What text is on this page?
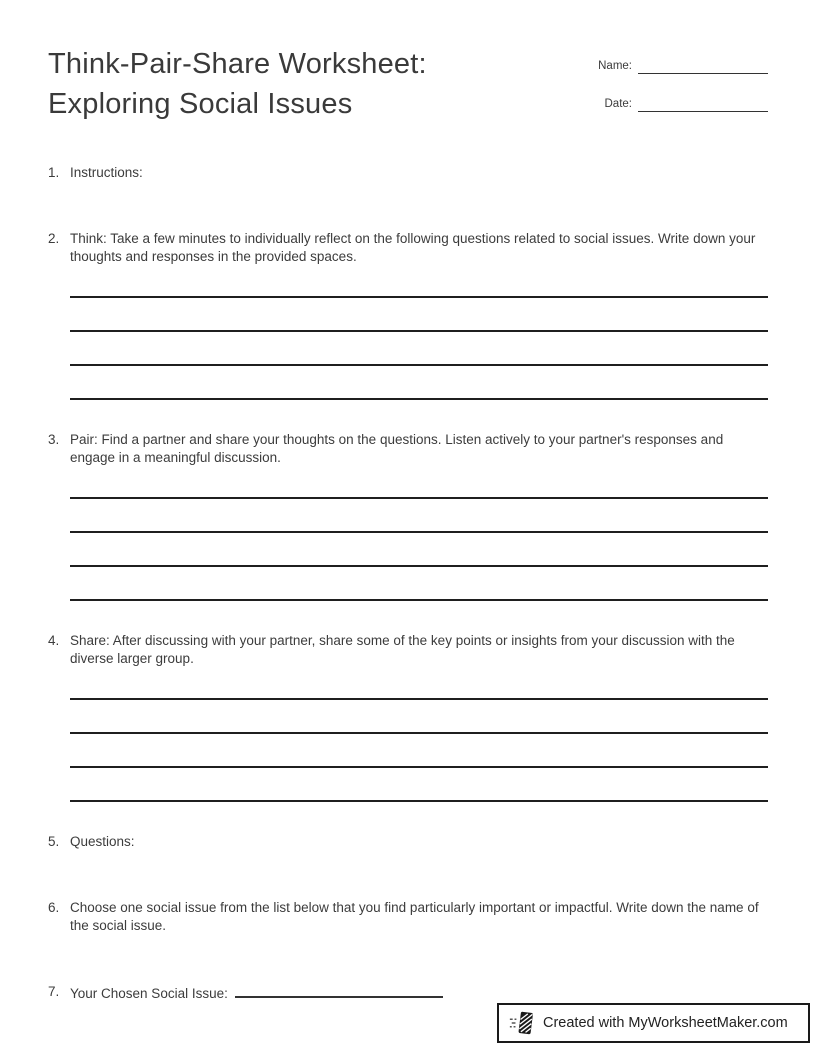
Think-Pair-Share Worksheet:
Exploring Social Issues
Name:
Date:
1. Instructions:
2. Think: Take a few minutes to individually reflect on the following questions related to social issues. Write down your thoughts and responses in the provided spaces.
3. Pair: Find a partner and share your thoughts on the questions. Listen actively to your partner's responses and engage in a meaningful discussion.
4. Share: After discussing with your partner, share some of the key points or insights from your discussion with the diverse larger group.
5. Questions:
6. Choose one social issue from the list below that you find particularly important or impactful. Write down the name of the social issue.
7. Your Chosen Social Issue:
Created with MyWorksheetMaker.com
